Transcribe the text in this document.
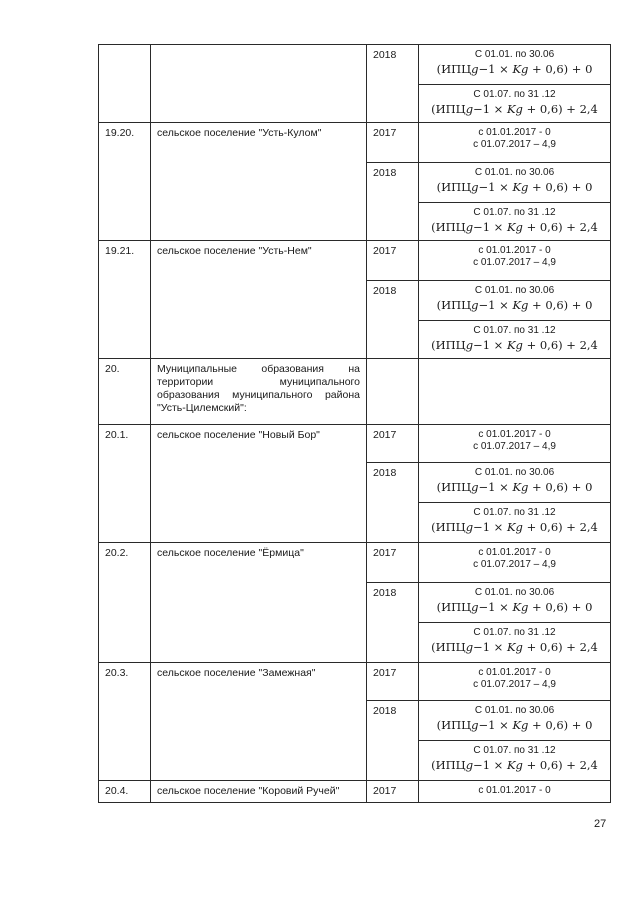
		2018	С 01.01. по 30.06
(ИПЦ𝑔−1 × 𝐾𝑔 + 0,6) + 0

			С 01.07. по 31 .12
(ИПЦ𝑔−1 × 𝐾𝑔 + 0,6) + 2,4

19.20.	сельское поселение "Усть-Кулом"	2017	с 01.01.2017 - 0
с 01.07.2017 – 4,9

		2018	С 01.01. по 30.06
(ИПЦ𝑔−1 × 𝐾𝑔 + 0,6) + 0

			С 01.07. по 31 .12
(ИПЦ𝑔−1 × 𝐾𝑔 + 0,6) + 2,4

19.21.	сельское поселение "Усть-Нем"	2017	с 01.01.2017 - 0
с 01.07.2017 – 4,9

		2018	С 01.01. по 30.06
(ИПЦ𝑔−1 × 𝐾𝑔 + 0,6) + 0

			С 01.07. по 31 .12
(ИПЦ𝑔−1 × 𝐾𝑔 + 0,6) + 2,4

20.	Муниципальные образования на территории муниципального образования муниципального района "Усть-Цилемский":		
20.1.	сельское поселение "Новый Бор"	2017	с 01.01.2017 - 0
с 01.07.2017 – 4,9

		2018	С 01.01. по 30.06
(ИПЦ𝑔−1 × 𝐾𝑔 + 0,6) + 0

			С 01.07. по 31 .12
(ИПЦ𝑔−1 × 𝐾𝑔 + 0,6) + 2,4

20.2.	сельское поселение "Ёрмица"	2017	с 01.01.2017 - 0
с 01.07.2017 – 4,9

		2018	С 01.01. по 30.06
(ИПЦ𝑔−1 × 𝐾𝑔 + 0,6) + 0

			С 01.07. по 31 .12
(ИПЦ𝑔−1 × 𝐾𝑔 + 0,6) + 2,4

20.3.	сельское поселение "Замежная"	2017	с 01.01.2017 - 0
с 01.07.2017 – 4,9

		2018	С 01.01. по 30.06
(ИПЦ𝑔−1 × 𝐾𝑔 + 0,6) + 0

			С 01.07. по 31 .12
(ИПЦ𝑔−1 × 𝐾𝑔 + 0,6) + 2,4

20.4.	сельское поселение "Коровий Ручей"	2017	с 01.01.2017 - 0
27
